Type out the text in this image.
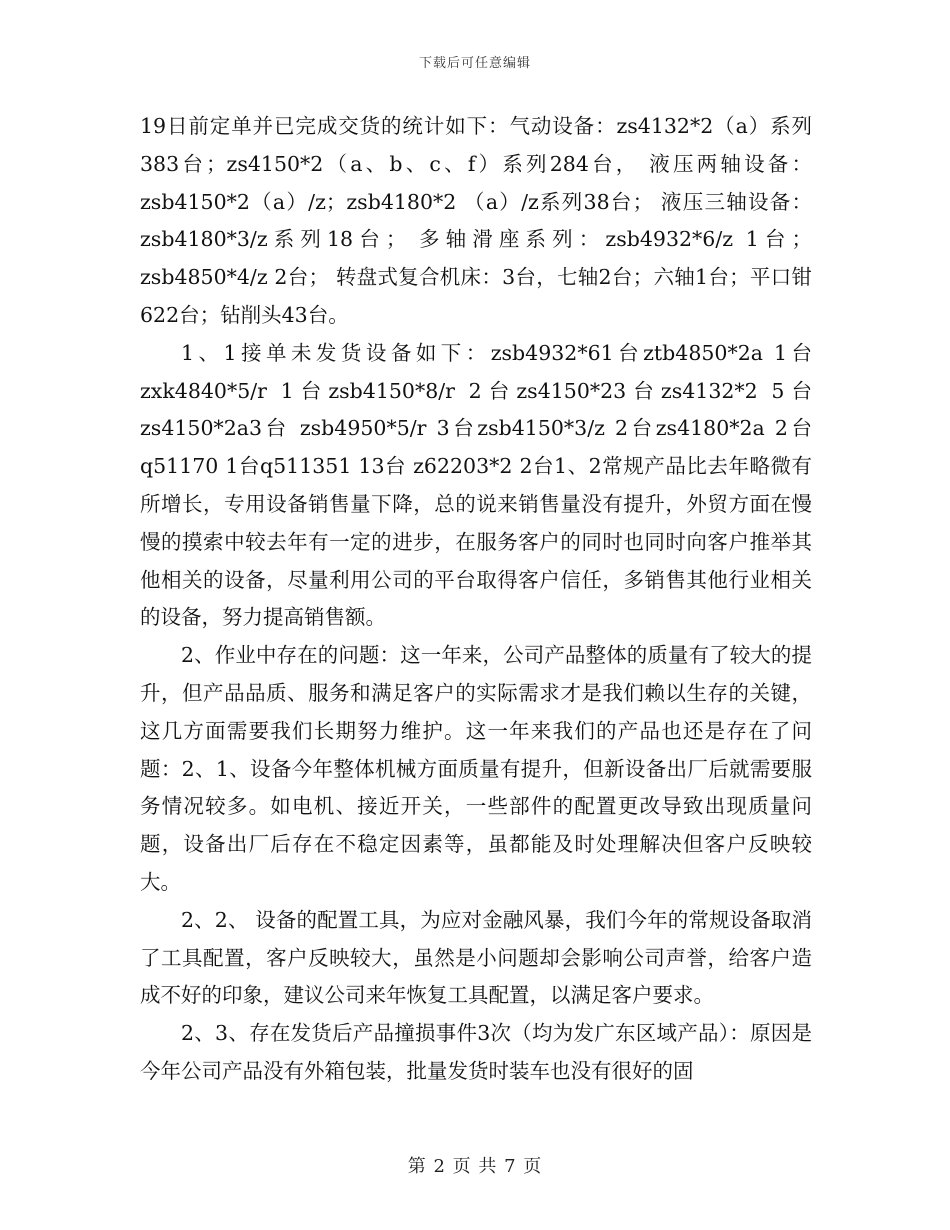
下载后可任意编辑

19日前定单并已完成交货的统计如下：气动设备：zs4132*2（a）系列383台；zs4150*2（a、b、c、f）系列284台， 液压两轴设备：zsb4150*2（a）/z；zsb4180*2 （a）/z系列38台； 液压三轴设备：zsb4180*3/z系列18台； 多轴滑座系列：zsb4932*6/z 1台；zsb4850*4/z 2台； 转盘式复合机床：3台，七轴2台；六轴1台；平口钳622台；钻削头43台。

1、1接单未发货设备如下：zsb4932*61台ztb4850*2a 1台zxk4840*5/r 1台zsb4150*8/r 2台zs4150*23台zs4132*2 5台zs4150*2a3台 zsb4950*5/r 3台zsb4150*3/z 2台zs4180*2a 2台q51170 1台q511351 13台 z62203*2 2台1、2常规产品比去年略微有所增长，专用设备销售量下降，总的说来销售量没有提升，外贸方面在慢慢的摸索中较去年有一定的进步，在服务客户的同时也同时向客户推举其他相关的设备，尽量利用公司的平台取得客户信任，多销售其他行业相关的设备，努力提高销售额。

2、作业中存在的问题：这一年来，公司产品整体的质量有了较大的提升，但产品品质、服务和满足客户的实际需求才是我们赖以生存的关键，这几方面需要我们长期努力维护。这一年来我们的产品也还是存在了问题：2、1、设备今年整体机械方面质量有提升，但新设备出厂后就需要服务情况较多。如电机、接近开关，一些部件的配置更改导致出现质量问题，设备出厂后存在不稳定因素等，虽都能及时处理解决但客户反映较大。

2、2、 设备的配置工具，为应对金融风暴，我们今年的常规设备取消了工具配置，客户反映较大，虽然是小问题却会影响公司声誉，给客户造成不好的印象，建议公司来年恢复工具配置，以满足客户要求。

2、3、存在发货后产品撞损事件3次（均为发广东区域产品）：原因是今年公司产品没有外箱包装，批量发货时装车也没有很好的固

第 2 页 共 7 页
